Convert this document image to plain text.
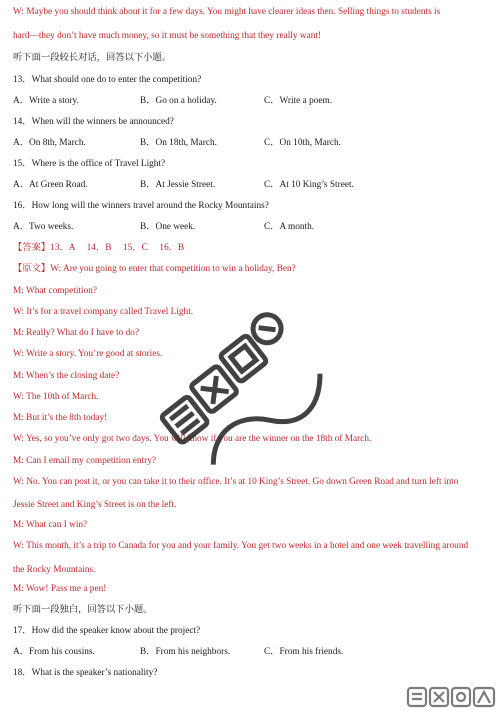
W: Maybe you should think about it for a few days. You might have clearer ideas then. Selling things to students is
hard—they don’t have much money, so it must be something that they really want!
听下面一段较长对话，回答以下小题。
13．What should one do to enter the competition?
A．Write a story.	B．Go on a holiday.	C．Write a poem.
14．When will the winners be announced?
A．On 8th, March.	B．On 18th, March.	C．On 10th, March.
15．Where is the office of Travel Light?
A．At Green Road.	B．At Jessie Street.	C．At 10 King’s Street.
16．How long will the winners travel around the Rocky Mountains?
A．Two weeks.	B．One week.	C．A month.
【答案】13．A　 14．B　 15．C　 16．B
【原文】W: Are you going to enter that competition to win a holiday, Ben?
M: What competition?
W: It’s for a travel company called Travel Light.
M: Really? What do I have to do?
W: Write a story. You’re good at stories.
M: When’s the closing date?
W: The 10th of March.
M: But it’s the 8th today!
W: Yes, so you’ve only got two days. You will know if you are the winner on the 18th of March.
M: Can I email my competition entry?
W: No. You can post it, or you can take it to their office. It’s at 10 King’s Street. Go down Green Road and turn left into
Jessie Street and King’s Street is on the left.
M: What can I win?
W: This month, it’s a trip to Canada for you and your family. You get two weeks in a hotel and one week travelling around
the Rocky Mountains.
M: Wow! Pass me a pen!
听下面一段独白，回答以下小题。
17．How did the speaker know about the project?
A．From his cousins.	B．From his neighbors.	C．From his friends.
18．What is the speaker’s nationality?
